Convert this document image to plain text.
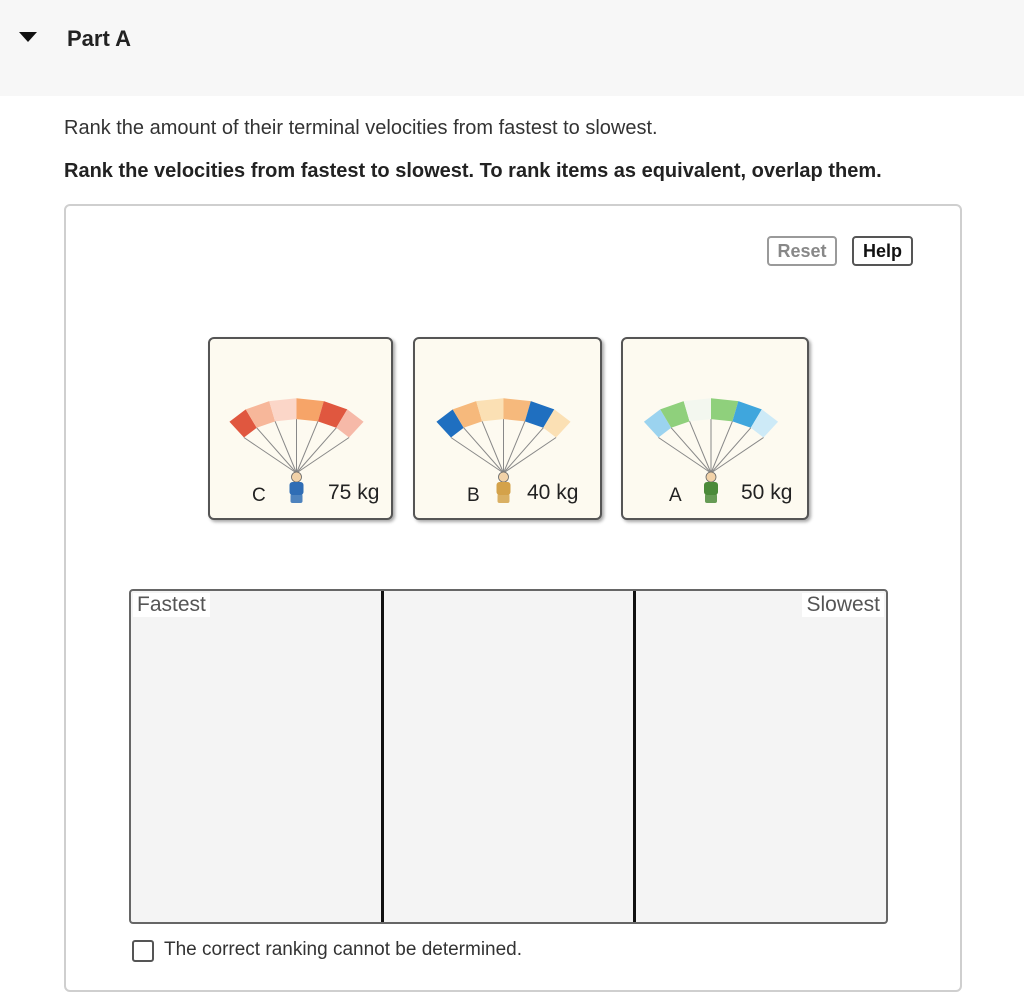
Part A
Rank the amount of their terminal velocities from fastest to slowest.
Rank the velocities from fastest to slowest. To rank items as equivalent, overlap them.
Reset	Help
C	75 kg	B 40 kg	A	50 kg
Fastest	Slowest
The correct ranking cannot be determined.
